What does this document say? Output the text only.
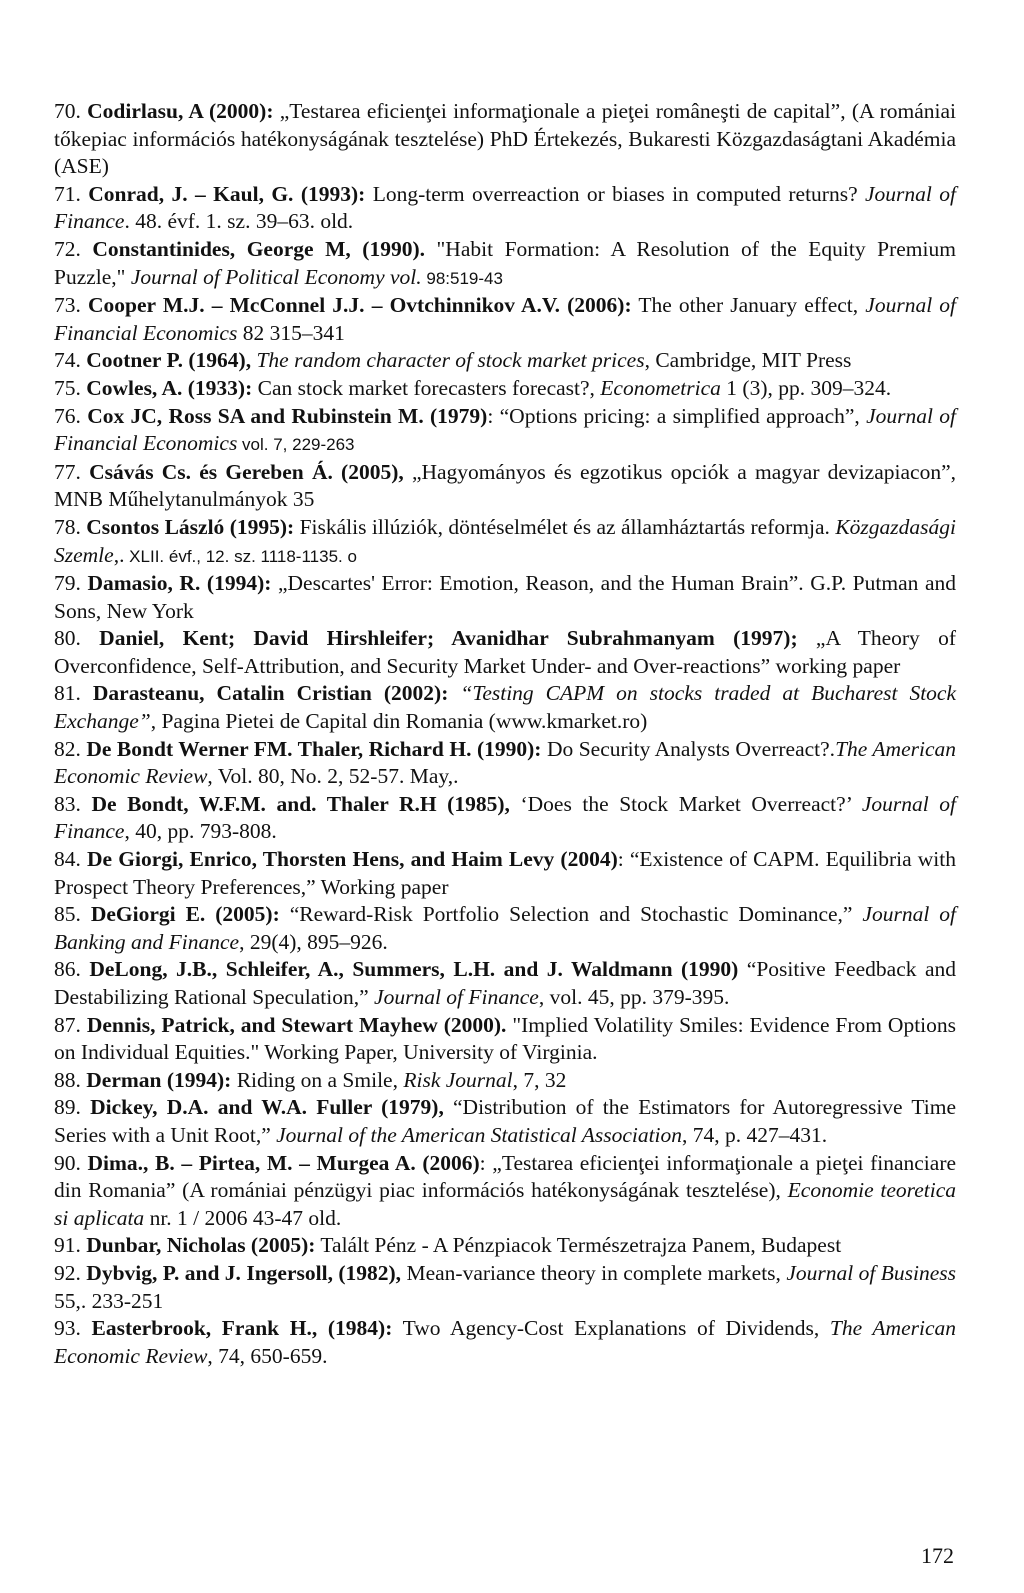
70. Codirlasu, A (2000): „Testarea eficienţei informaţionale a pieţei româneşti de capital”, (A romániai tőkepiac információs hatékonyságának tesztelése) PhD Értekezés, Bukaresti Közgazdaságtani Akadémia (ASE)

71. Conrad, J. – Kaul, G. (1993): Long-term overreaction or biases in computed returns? Journal of Finance. 48. évf. 1. sz. 39–63. old.

72. Constantinides, George M, (1990). "Habit Formation: A Resolution of the Equity Premium Puzzle," Journal of Political Economy vol. 98:519-43

73. Cooper M.J. – McConnel J.J. – Ovtchinnikov A.V. (2006): The other January effect, Journal of Financial Economics 82 315–341

74. Cootner P. (1964), The random character of stock market prices, Cambridge, MIT Press

75. Cowles, A. (1933): Can stock market forecasters forecast?, Econometrica 1 (3), pp. 309–324.

76. Cox JC, Ross SA and Rubinstein M. (1979): “Options pricing: a simplified approach”, Journal of Financial Economics vol. 7, 229-263

77. Csávás Cs. és Gereben Á. (2005), „Hagyományos és egzotikus opciók a magyar devizapiacon”, MNB Műhelytanulmányok 35

78. Csontos László (1995): Fiskális illúziók, döntéselmélet és az államháztartás reformja. Közgazdasági Szemle,. XLII. évf., 12. sz. 1118-1135. o

79. Damasio, R. (1994): „Descartes' Error: Emotion, Reason, and the Human Brain”. G.P. Putman and Sons, New York

80. Daniel, Kent; David Hirshleifer; Avanidhar Subrahmanyam (1997); „A Theory of Overconfidence, Self-Attribution, and Security Market Under- and Over-reactions” working paper

81. Darasteanu, Catalin Cristian (2002): “Testing CAPM on stocks traded at Bucharest Stock Exchange”, Pagina Pietei de Capital din Romania (www.kmarket.ro)

82. De Bondt Werner FM. Thaler, Richard H. (1990): Do Security Analysts Overreact?.The American Economic Review, Vol. 80, No. 2, 52-57. May,.

83. De Bondt, W.F.M. and. Thaler R.H (1985), ‘Does the Stock Market Overreact?’ Journal of Finance, 40, pp. 793-808.

84. De Giorgi, Enrico, Thorsten Hens, and Haim Levy (2004): “Existence of CAPM. Equilibria with Prospect Theory Preferences,” Working paper

85. DeGiorgi E. (2005): “Reward-Risk Portfolio Selection and Stochastic Dominance,” Journal of Banking and Finance, 29(4), 895–926.

86. DeLong, J.B., Schleifer, A., Summers, L.H. and J. Waldmann (1990) “Positive Feedback and Destabilizing Rational Speculation,” Journal of Finance, vol. 45, pp. 379-395.

87. Dennis, Patrick, and Stewart Mayhew (2000). "Implied Volatility Smiles: Evidence From Options on Individual Equities." Working Paper, University of Virginia.

88. Derman (1994): Riding on a Smile, Risk Journal, 7, 32

89. Dickey, D.A. and W.A. Fuller (1979), “Distribution of the Estimators for Autoregressive Time Series with a Unit Root,” Journal of the American Statistical Association, 74, p. 427–431.

90. Dima., B. – Pirtea, M. – Murgea A. (2006): „Testarea eficienţei informaţionale a pieţei financiare din Romania” (A romániai pénzügyi piac információs hatékonyságának tesztelése), Economie teoretica si aplicata nr. 1 / 2006 43-47 old.

91. Dunbar, Nicholas (2005): Talált Pénz - A Pénzpiacok Természetrajza Panem, Budapest

92. Dybvig, P. and J. Ingersoll, (1982), Mean-variance theory in complete markets, Journal of Business 55,. 233-251

93. Easterbrook, Frank H., (1984): Two Agency-Cost Explanations of Dividends, The American Economic Review, 74, 650-659.

172
